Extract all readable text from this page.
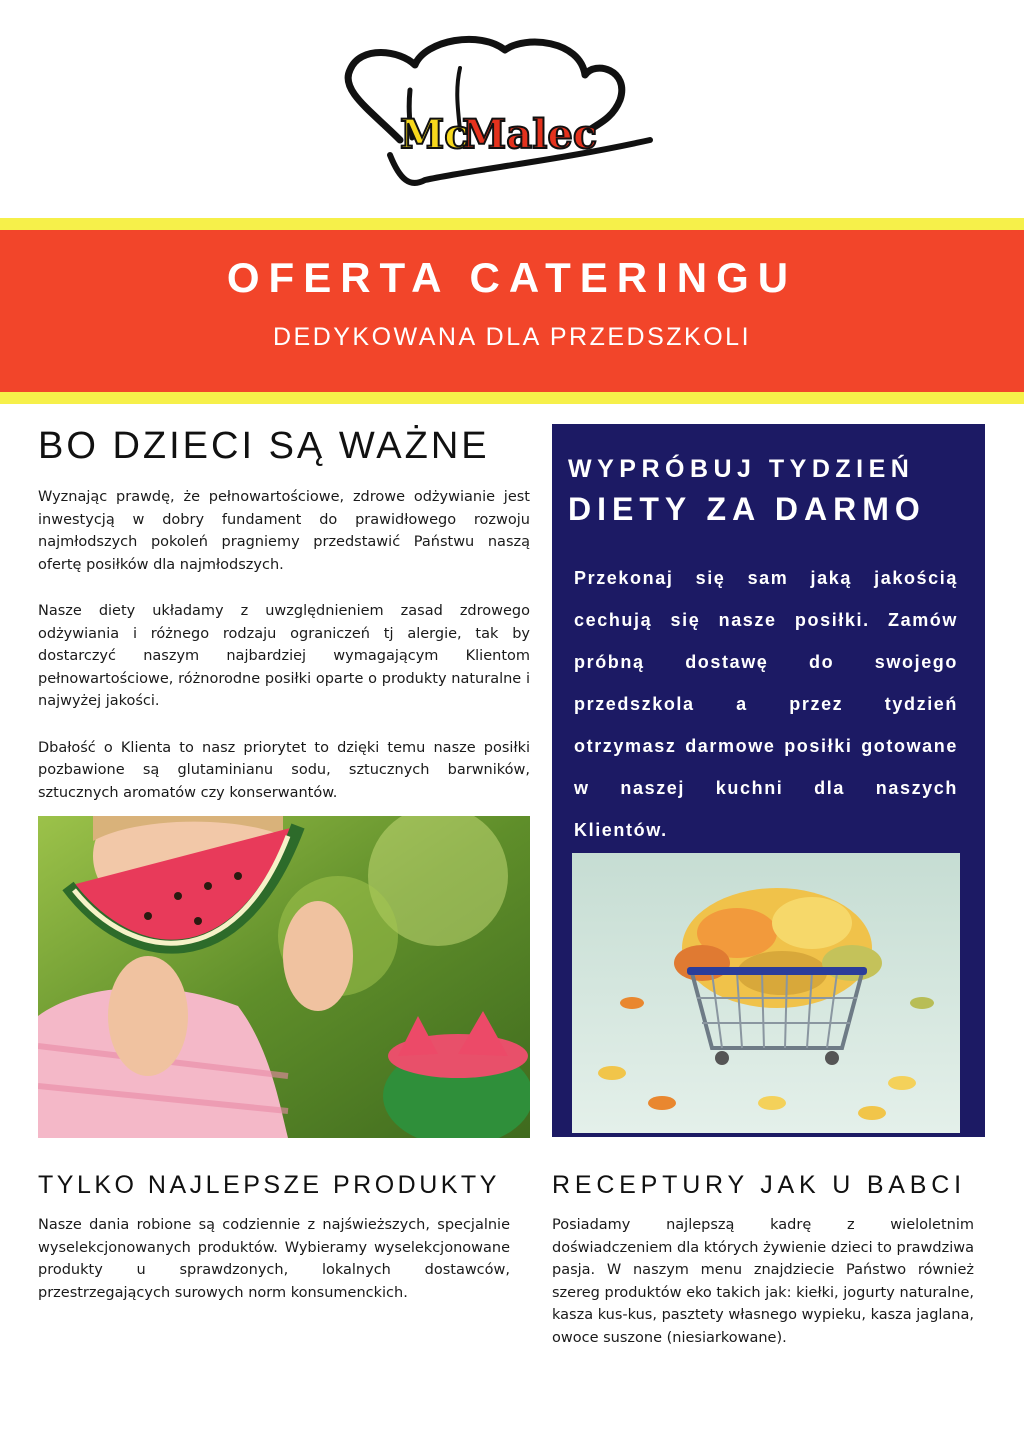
Mc
Malec
OFERTA CATERINGU
DEDYKOWANA DLA PRZEDSZKOLI
BO DZIECI SĄ WAŻNE

Wyznając prawdę, że pełnowartościowe, zdrowe odżywianie jest inwestycją w dobry fundament do prawidłowego rozwoju najmłodszych pokoleń pragniemy przedstawić Państwu naszą ofertę posiłków dla najmłodszych.

Nasze diety układamy z uwzględnieniem zasad zdrowego odżywiania i różnego rodzaju ograniczeń tj alergie, tak by dostarczyć naszym najbardziej wymagającym Klientom pełnowartościowe, różnorodne posiłki oparte o produkty naturalne i najwyżej jakości.

Dbałość o Klienta to nasz priorytet to dzięki temu nasze posiłki pozbawione są glutaminianu sodu, sztucznych barwników, sztucznych aromatów czy konserwantów.

WYPRÓBUJ TYDZIEŃ
DIETY ZA DARMO

Przekonaj się sam jaką jakością cechują się nasze posiłki. Zamów próbną dostawę do swojego przedszkola a przez tydzień otrzymasz darmowe posiłki gotowane w naszej kuchni dla naszych Klientów.

TYLKO NAJLEPSZE PRODUKTY

Nasze dania robione są codziennie z najświeższych, specjalnie wyselekcjonowanych produktów. Wybieramy wyselekcjonowane produkty u sprawdzonych, lokalnych dostawców, przestrzegających surowych norm konsumenckich.

RECEPTURY JAK U BABCI

Posiadamy najlepszą kadrę z wieloletnim doświadczeniem dla których żywienie dzieci to prawdziwa pasja. W naszym menu znajdziecie Państwo również szereg produktów eko takich jak: kiełki, jogurty naturalne, kasza kus-kus, pasztety własnego wypieku, kasza jaglana, owoce suszone (niesiarkowane).
